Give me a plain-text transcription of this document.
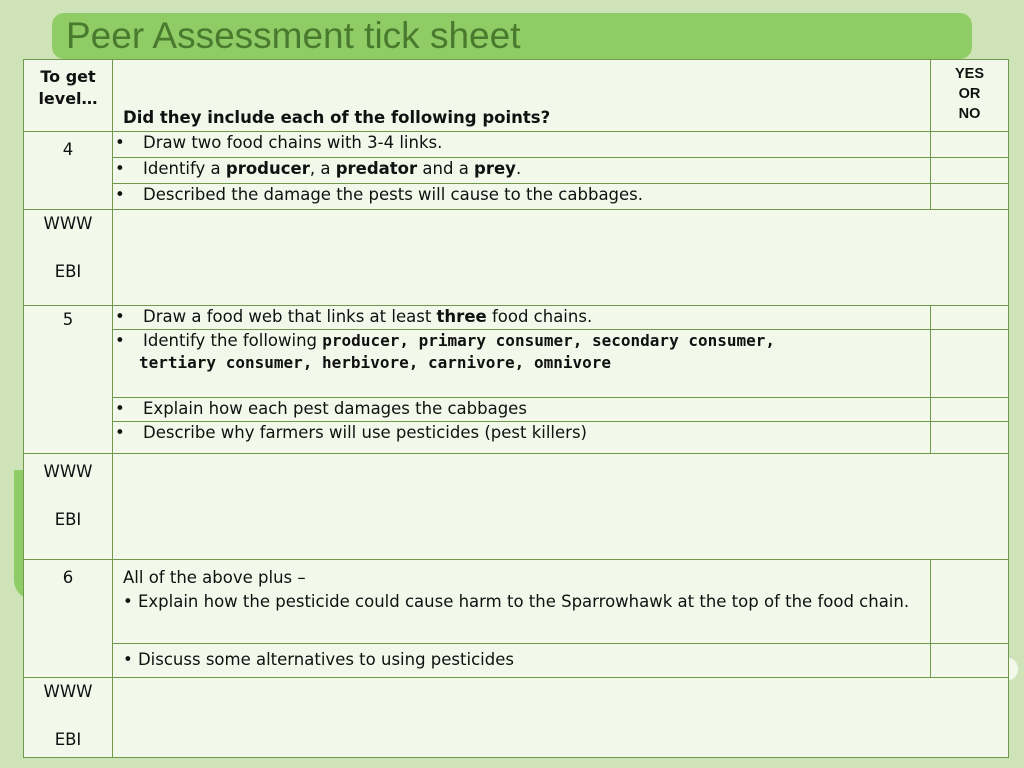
Peer Assessment tick sheet
To get level…	Did they include each of the following points?	YES
OR
NO

4	• Draw two food chains with 3-4 links.	
	• Identify a producer, a predator and a prey.	
	• Described the damage the pests will cause to the cabbages.	

WWW
EBI		

5	• Draw a food web that links at least three food chains.	
	• Identify the following producer, primary consumer, secondary consumer,
tertiary consumer, herbivore, carnivore, omnivore	
	• Explain how each pest damages the cabbages	
	• Describe why farmers will use pesticides (pest killers)	

WWW
EBI		

6	All of the above plus –
• Explain how the pesticide could cause harm to the Sparrowhawk at the top of the food chain.	

	• Discuss some alternatives to using pesticides	

WWW
EBI		
